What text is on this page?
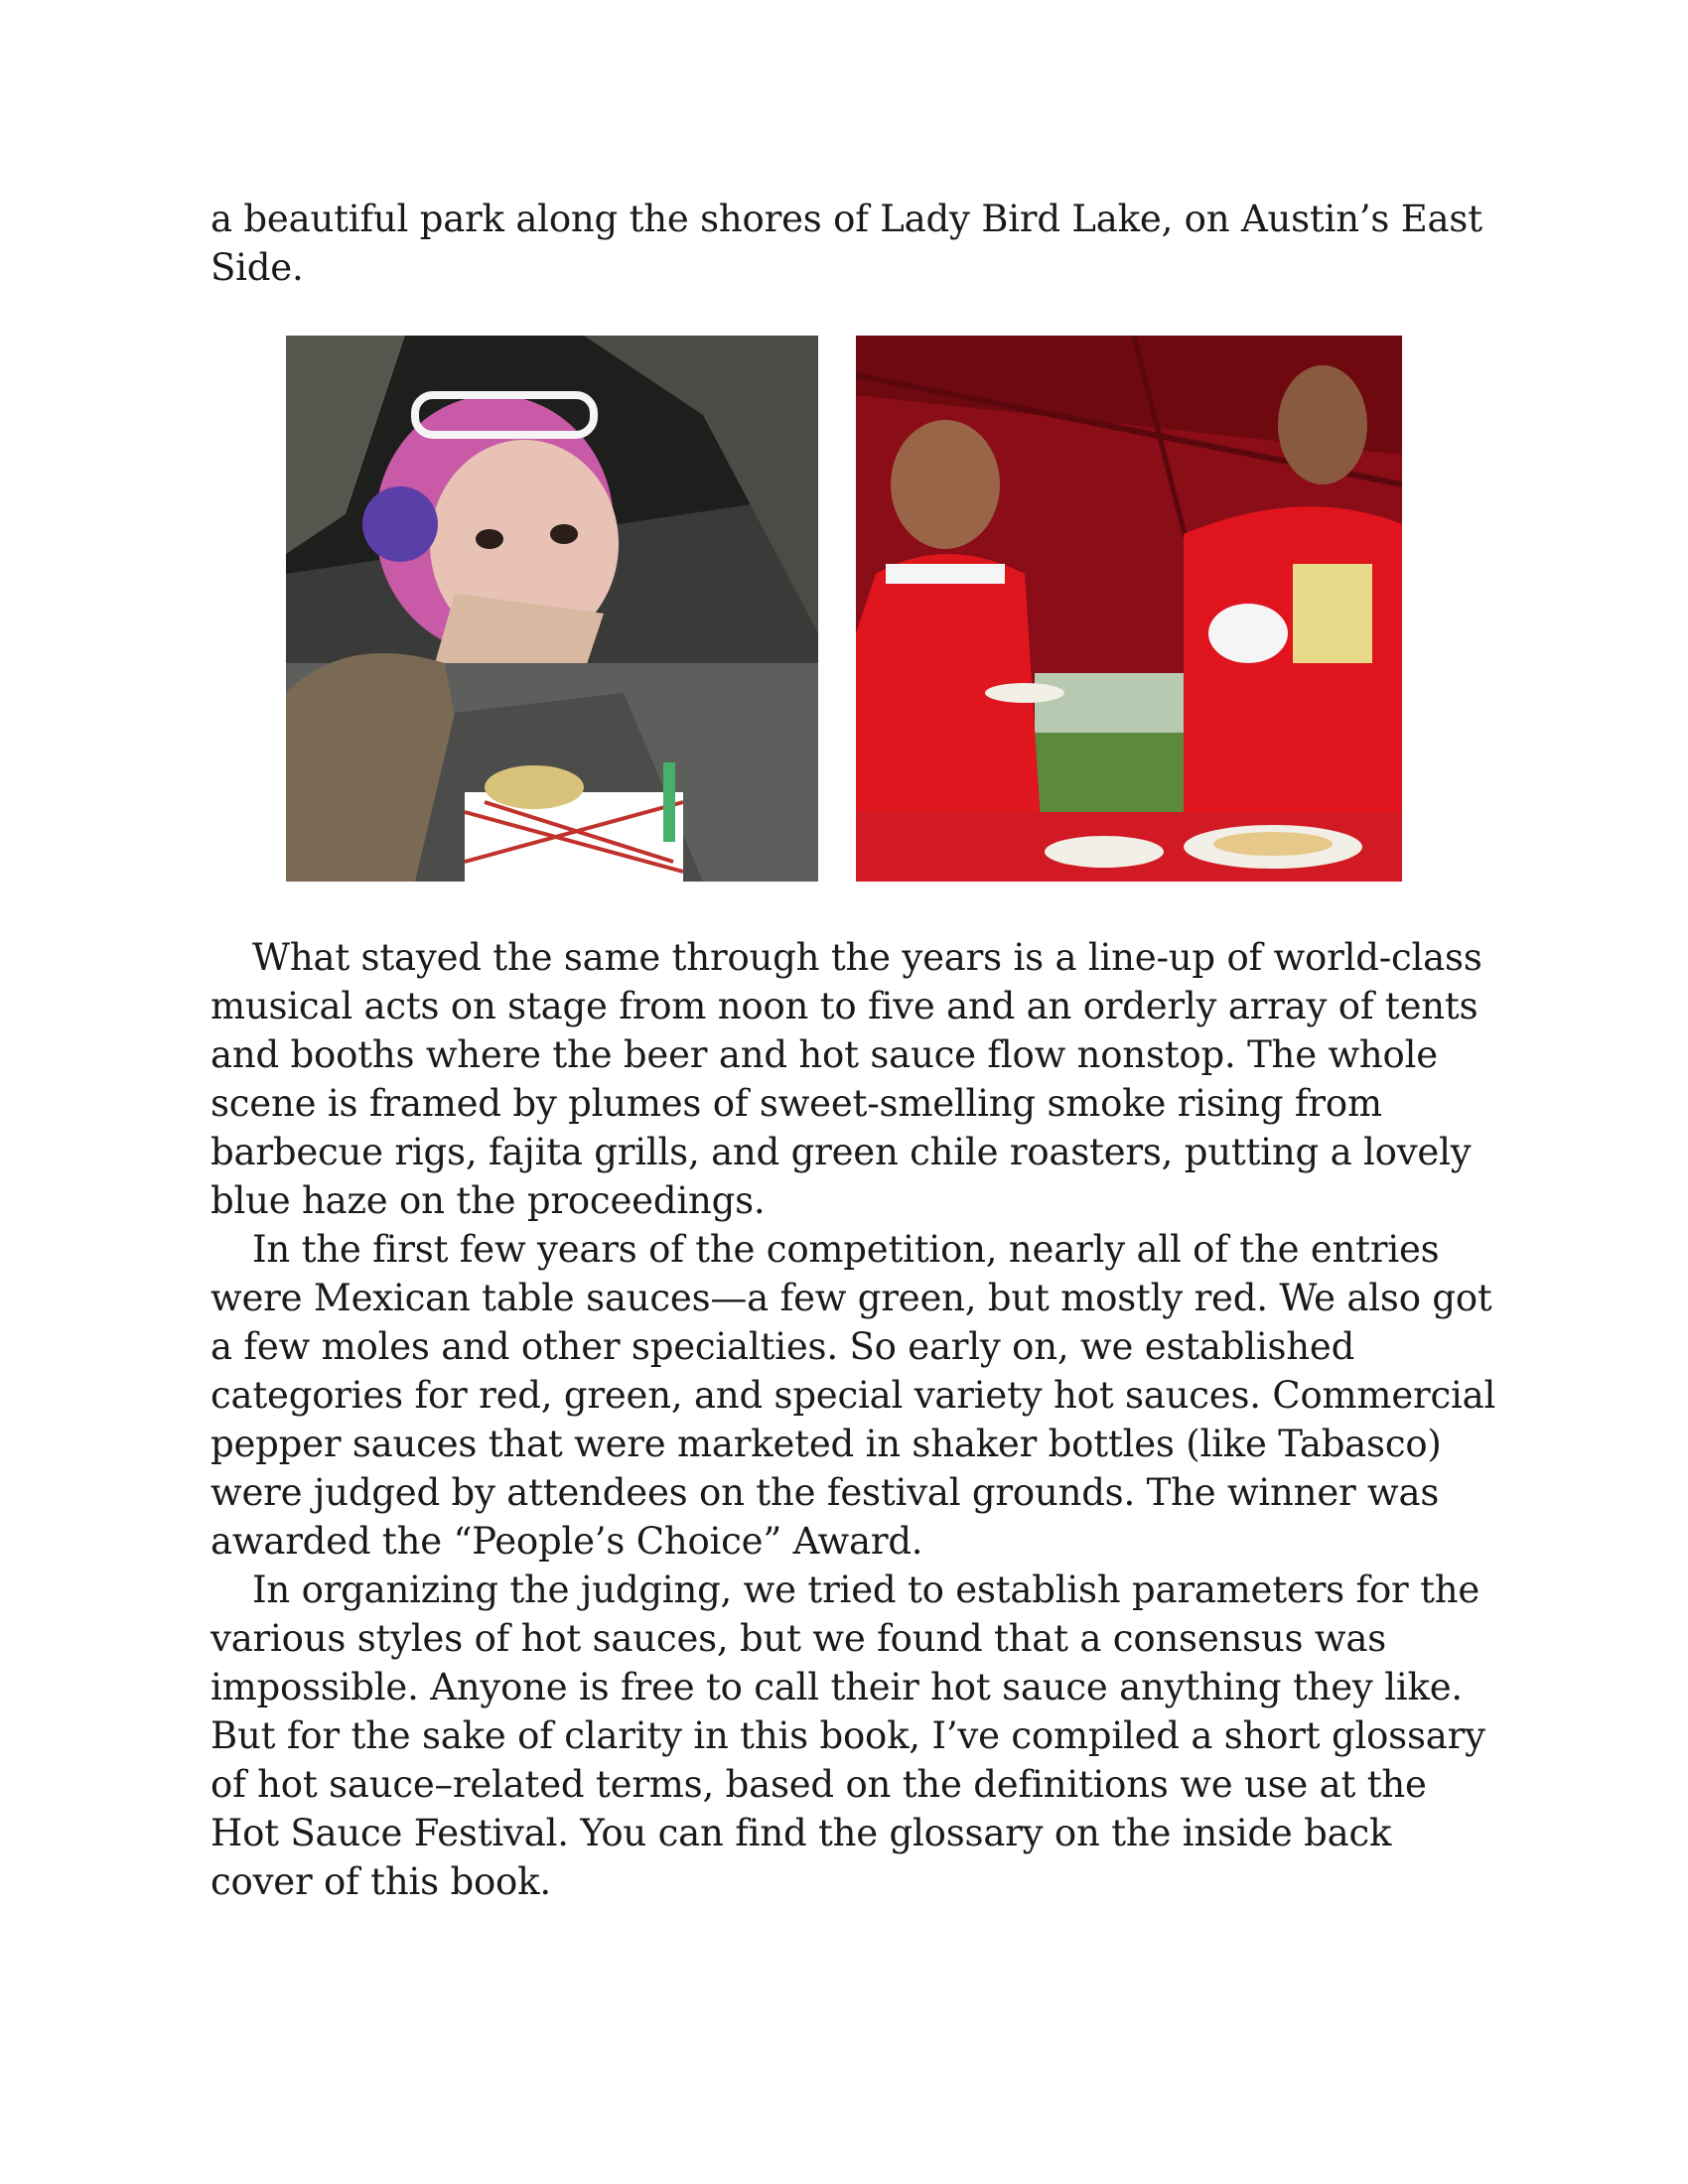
a beautiful park along the shores of Lady Bird Lake, on Austin’s East Side.

What stayed the same through the years is a line-up of world-class musical acts on stage from noon to five and an orderly array of tents and booths where the beer and hot sauce flow nonstop. The whole scene is framed by plumes of sweet-smelling smoke rising from barbecue rigs, fajita grills, and green chile roasters, putting a lovely blue haze on the proceedings.

In the first few years of the competition, nearly all of the entries were Mexican table sauces—a few green, but mostly red. We also got a few moles and other specialties. So early on, we established categories for red, green, and special variety hot sauces. Commercial pepper sauces that were marketed in shaker bottles (like Tabasco) were judged by attendees on the festival grounds. The winner was awarded the “People’s Choice” Award.

In organizing the judging, we tried to establish parameters for the various styles of hot sauces, but we found that a consensus was impossible. Anyone is free to call their hot sauce anything they like. But for the sake of clarity in this book, I’ve compiled a short glossary of hot sauce–related terms, based on the definitions we use at the Hot Sauce Festival. You can find the glossary on the inside back cover of this book.
